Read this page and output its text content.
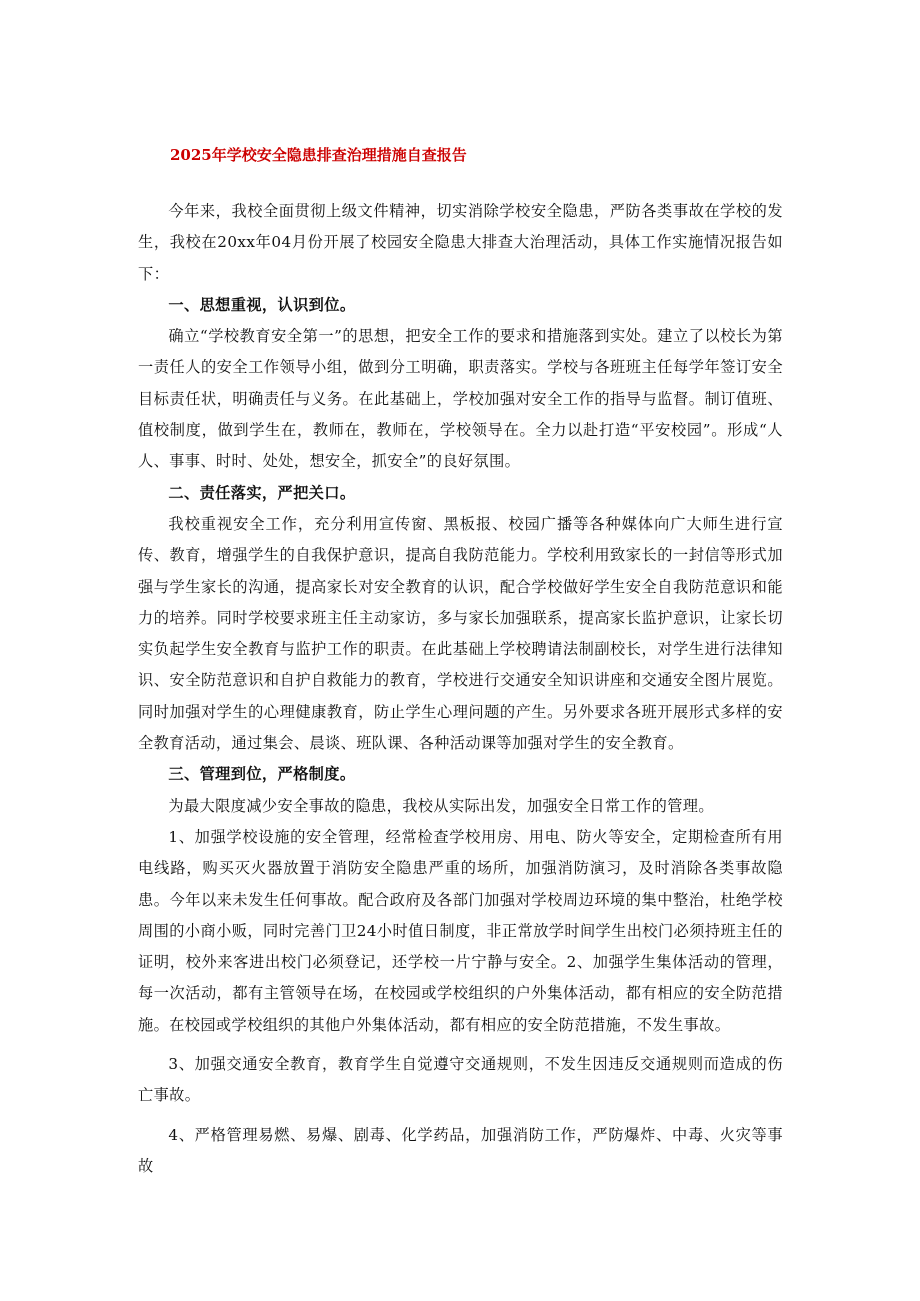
2025年学校安全隐患排查治理措施自查报告

今年来，我校全面贯彻上级文件精神，切实消除学校安全隐患，严防各类事故在学校的发生，我校在20xx年04月份开展了校园安全隐患大排查大治理活动，具体工作实施情况报告如下：

一、思想重视，认识到位。

确立“学校教育安全第一”的思想，把安全工作的要求和措施落到实处。建立了以校长为第一责任人的安全工作领导小组，做到分工明确，职责落实。学校与各班班主任每学年签订安全目标责任状，明确责任与义务。在此基础上，学校加强对安全工作的指导与监督。制订值班、值校制度，做到学生在，教师在，教师在，学校领导在。全力以赴打造“平安校园”。形成“人人、事事、时时、处处，想安全，抓安全”的良好氛围。

二、责任落实，严把关口。

我校重视安全工作，充分利用宣传窗、黑板报、校园广播等各种媒体向广大师生进行宣传、教育，增强学生的自我保护意识，提高自我防范能力。学校利用致家长的一封信等形式加强与学生家长的沟通，提高家长对安全教育的认识，配合学校做好学生安全自我防范意识和能力的培养。同时学校要求班主任主动家访，多与家长加强联系，提高家长监护意识，让家长切实负起学生安全教育与监护工作的职责。在此基础上学校聘请法制副校长，对学生进行法律知识、安全防范意识和自护自救能力的教育，学校进行交通安全知识讲座和交通安全图片展览。同时加强对学生的心理健康教育，防止学生心理问题的产生。另外要求各班开展形式多样的安全教育活动，通过集会、晨谈、班队课、各种活动课等加强对学生的安全教育。

三、管理到位，严格制度。

为最大限度减少安全事故的隐患，我校从实际出发，加强安全日常工作的管理。

1、加强学校设施的安全管理，经常检查学校用房、用电、防火等安全，定期检查所有用电线路，购买灭火器放置于消防安全隐患严重的场所，加强消防演习，及时消除各类事故隐患。今年以来未发生任何事故。配合政府及各部门加强对学校周边环境的集中整治，杜绝学校周围的小商小贩，同时完善门卫24小时值日制度，非正常放学时间学生出校门必须持班主任的证明，校外来客进出校门必须登记，还学校一片宁静与安全。2、加强学生集体活动的管理，每一次活动，都有主管领导在场，在校园或学校组织的户外集体活动，都有相应的安全防范措施。在校园或学校组织的其他户外集体活动，都有相应的安全防范措施，不发生事故。

3、加强交通安全教育，教育学生自觉遵守交通规则，不发生因违反交通规则而造成的伤亡事故。

4、严格管理易燃、易爆、剧毒、化学药品，加强消防工作，严防爆炸、中毒、火灾等事故
